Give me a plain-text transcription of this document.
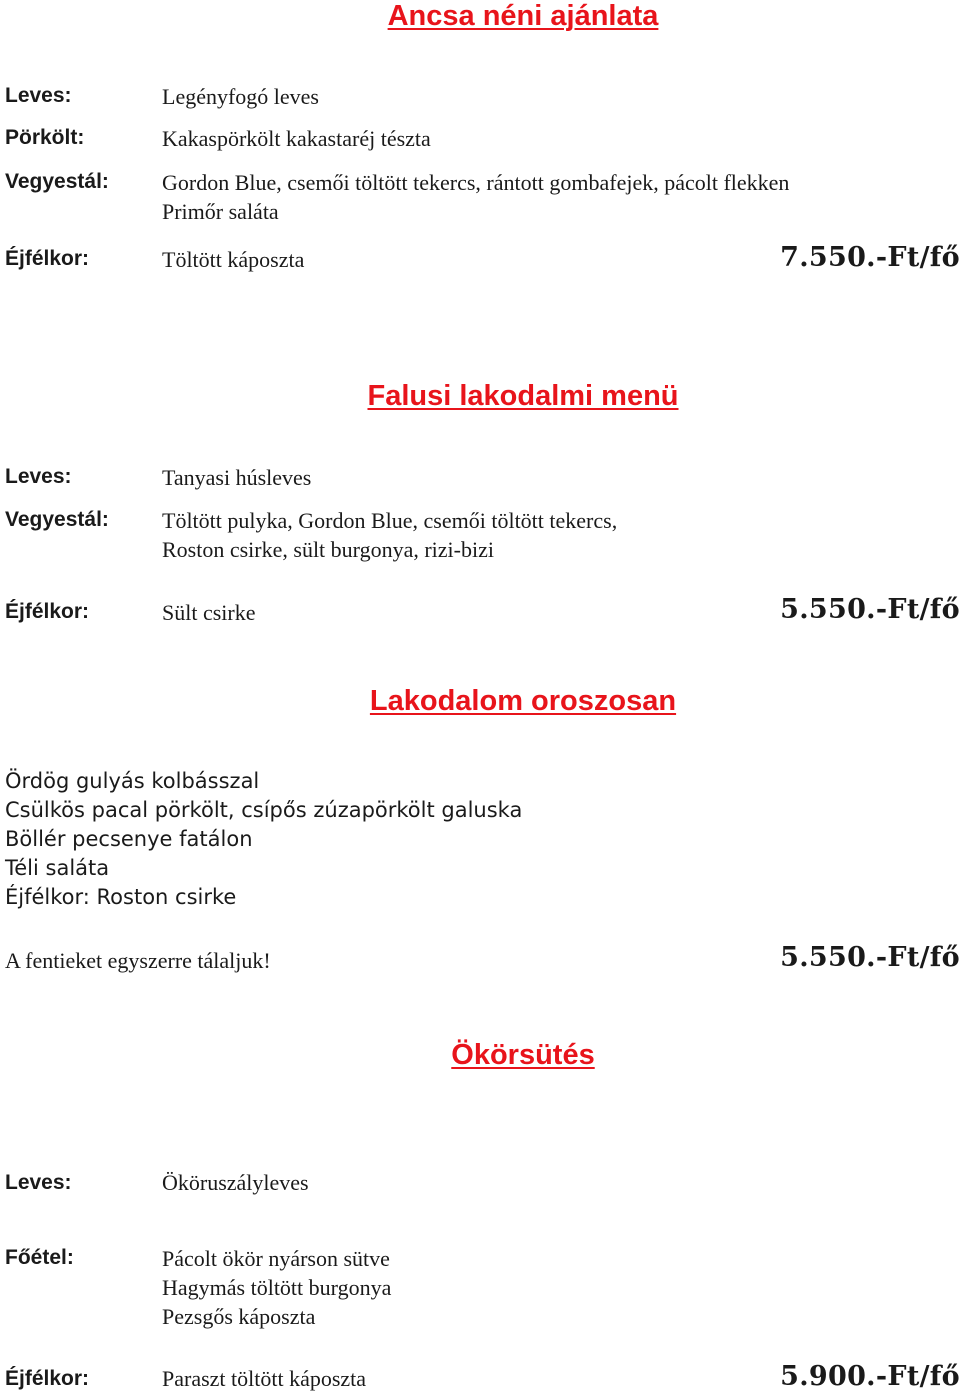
Ancsa néni ajánlata
Leves:	Legényfogó leves
Pörkölt:	Kakaspörkölt kakastaréj tészta
Vegyestál: Gordon Blue, csemői töltött tekercs, rántott gombafejek, pácolt flekken
Primőr saláta
Éjfélkor:	Töltött káposzta	7.550.-Ft/fő
Falusi lakodalmi menü
Leves:	Tanyasi húsleves
Vegyestál: Töltött pulyka, Gordon Blue, csemői töltött tekercs,
Roston csirke, sült burgonya, rizi-bizi
Éjfélkor:	Sült csirke	5.550.-Ft/fő
Lakodalom oroszosan
Ördög gulyás kolbásszal
Csülkös pacal pörkölt, csípős zúzapörkölt galuska
Böllér pecsenye fatálon
Téli saláta
Éjfélkor: Roston csirke
A fentieket egyszerre tálaljuk!	5.550.-Ft/fő
Ökörsütés
Leves:	Ököruszályleves
Főétel:	Pácolt ökör nyárson sütve
Hagymás töltött burgonya
Pezsgős káposzta
Éjfélkor:	Paraszt töltött káposzta	5.900.-Ft/fő
